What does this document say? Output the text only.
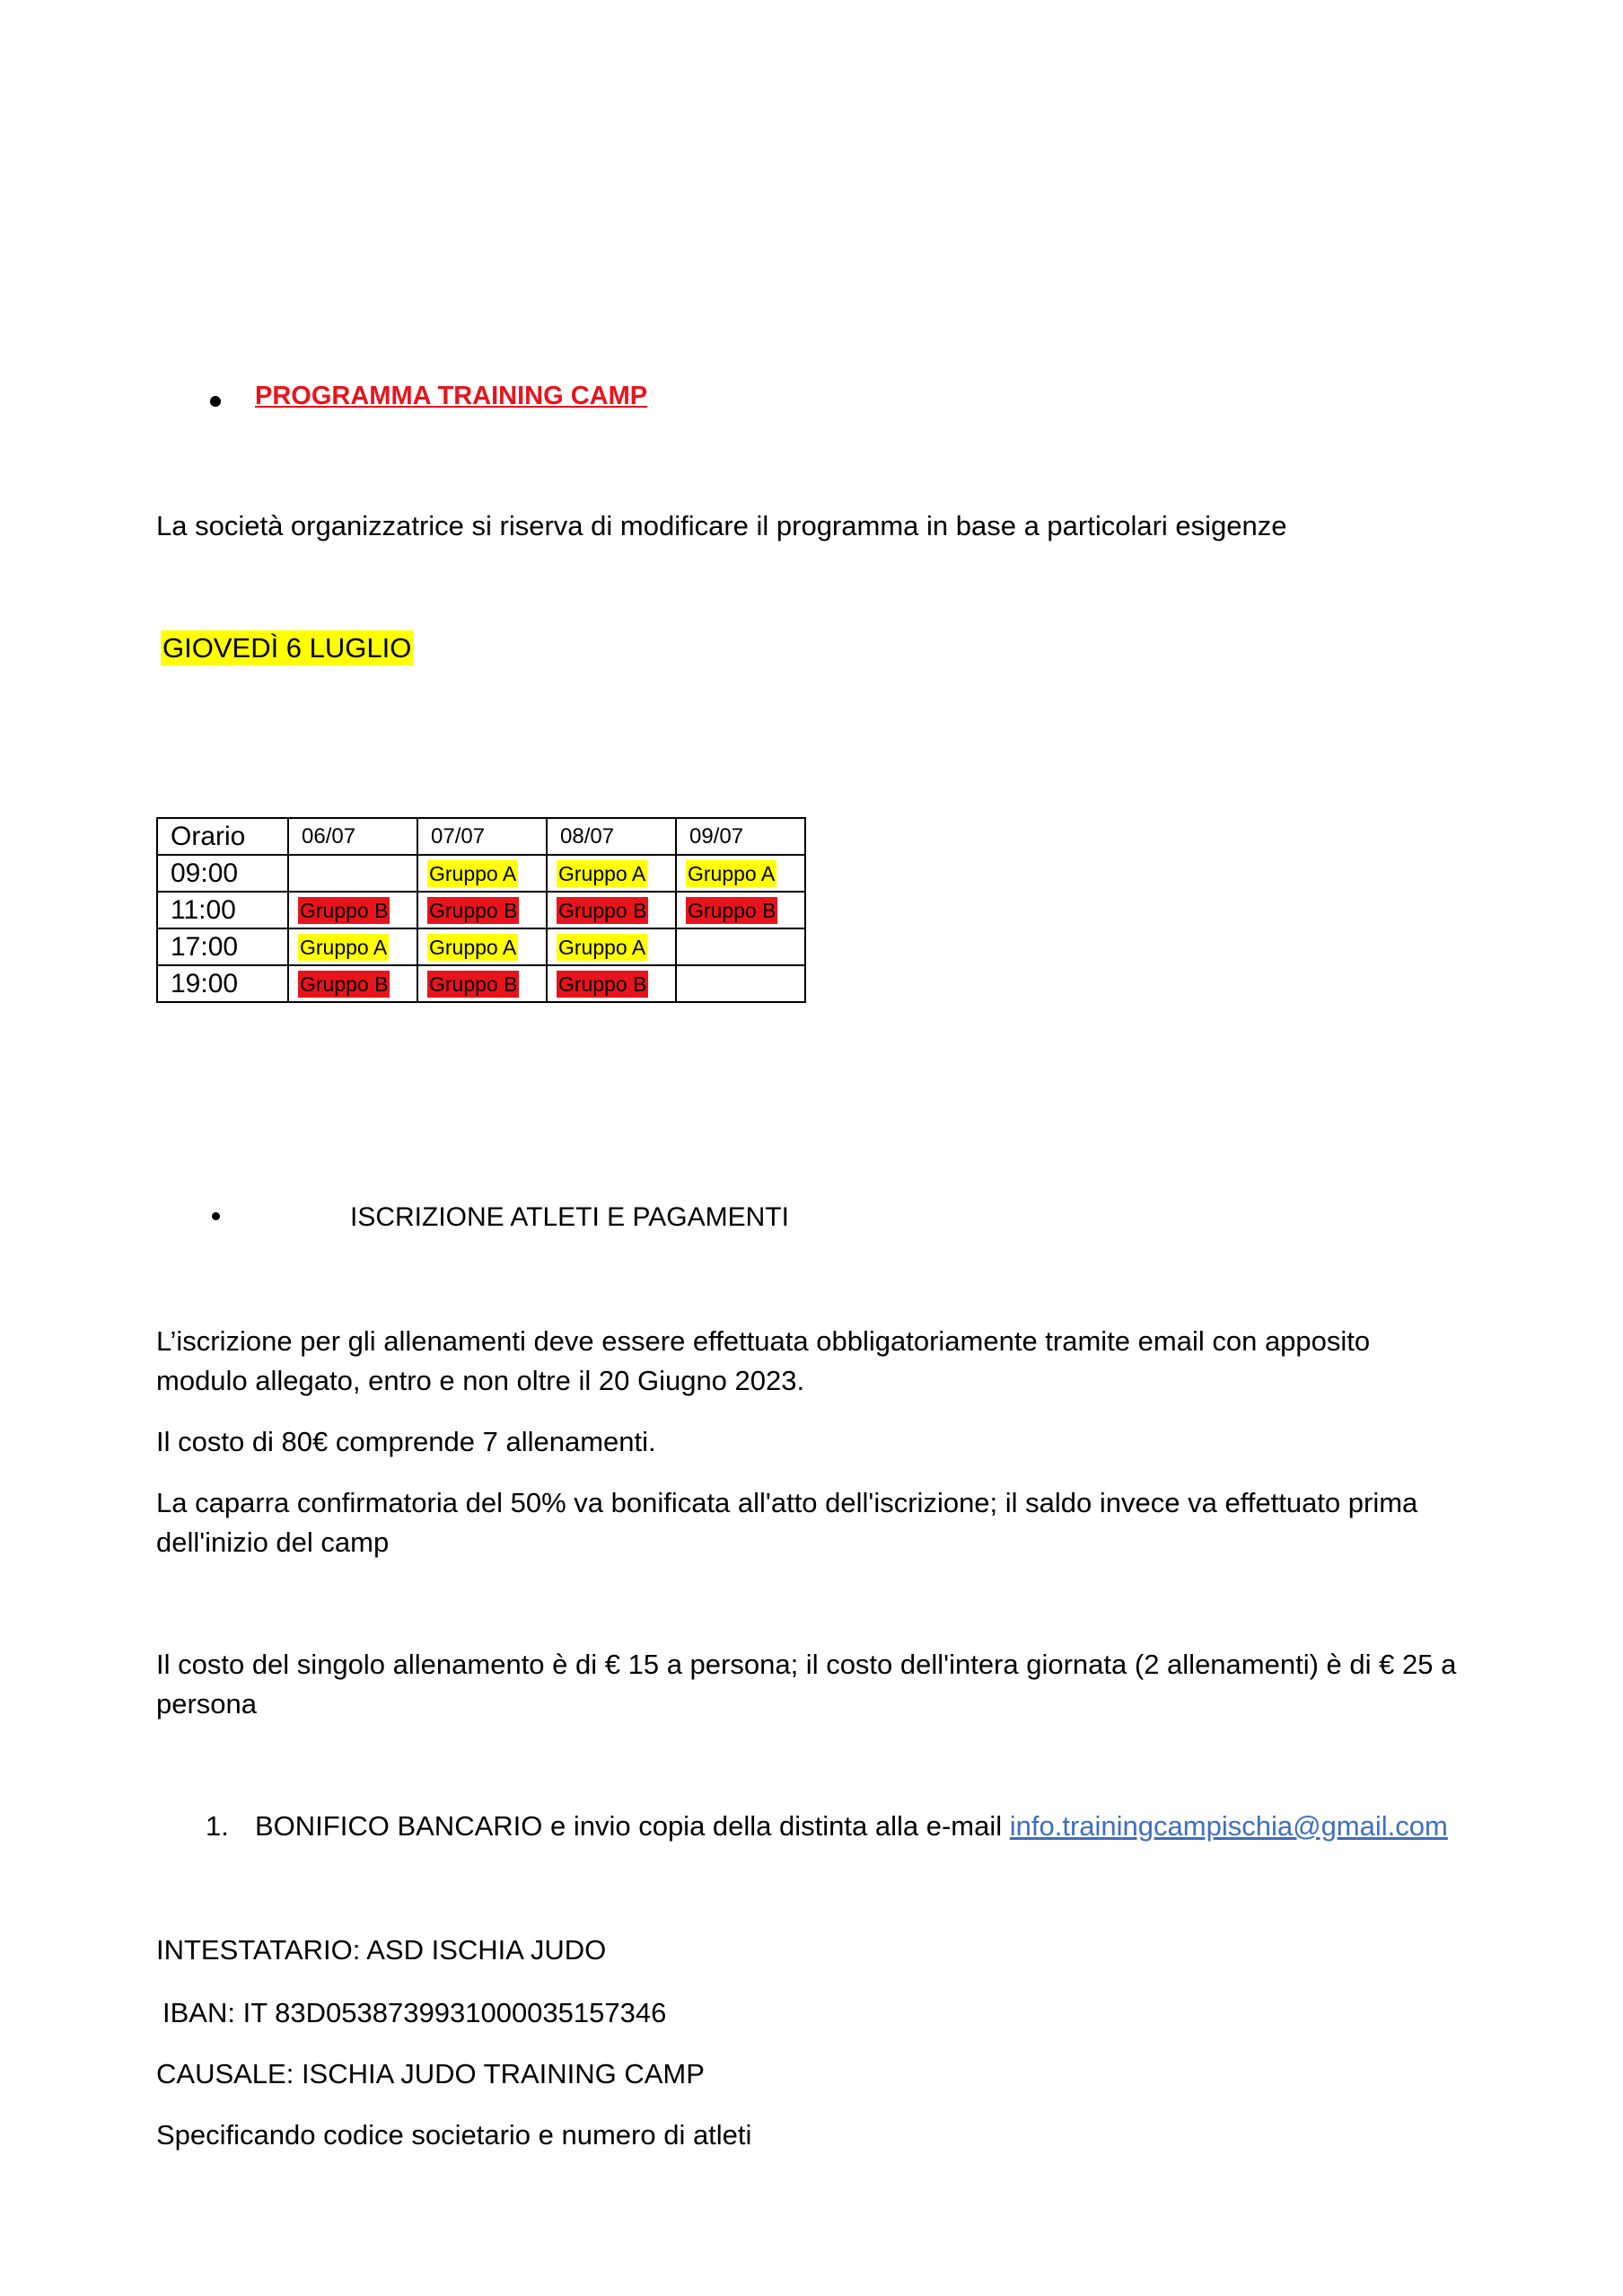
PROGRAMMA TRAINING CAMP
La società organizzatrice si riserva di modificare il programma in base a particolari esigenze
GIOVEDÌ 6 LUGLIO
Orario	06/07	07/07	08/07	09/07
09:00		Gruppo A	Gruppo A	Gruppo A
11:00	Gruppo B	Gruppo B	Gruppo B	Gruppo B
17:00	Gruppo A	Gruppo A	Gruppo A	
19:00	Gruppo B	Gruppo B	Gruppo B	
ISCRIZIONE ATLETI E PAGAMENTI
L’iscrizione per gli allenamenti deve essere effettuata obbligatoriamente tramite email con apposito
modulo allegato, entro e non oltre il 20 Giugno 2023.
Il costo di 80€ comprende 7 allenamenti.
La caparra confirmatoria del 50% va bonificata all'atto dell'iscrizione; il saldo invece va effettuato prima
dell'inizio del camp
Il costo del singolo allenamento è di € 15 a persona; il costo dell'intera giornata (2 allenamenti) è di € 25 a
persona
1. BONIFICO BANCARIO e invio copia della distinta alla e-mail info.trainingcampischia@gmail.com
INTESTATARIO: ASD ISCHIA JUDO
IBAN: IT 83D0538739931000035157346
CAUSALE: ISCHIA JUDO TRAINING CAMP
Specificando codice societario e numero di atleti
